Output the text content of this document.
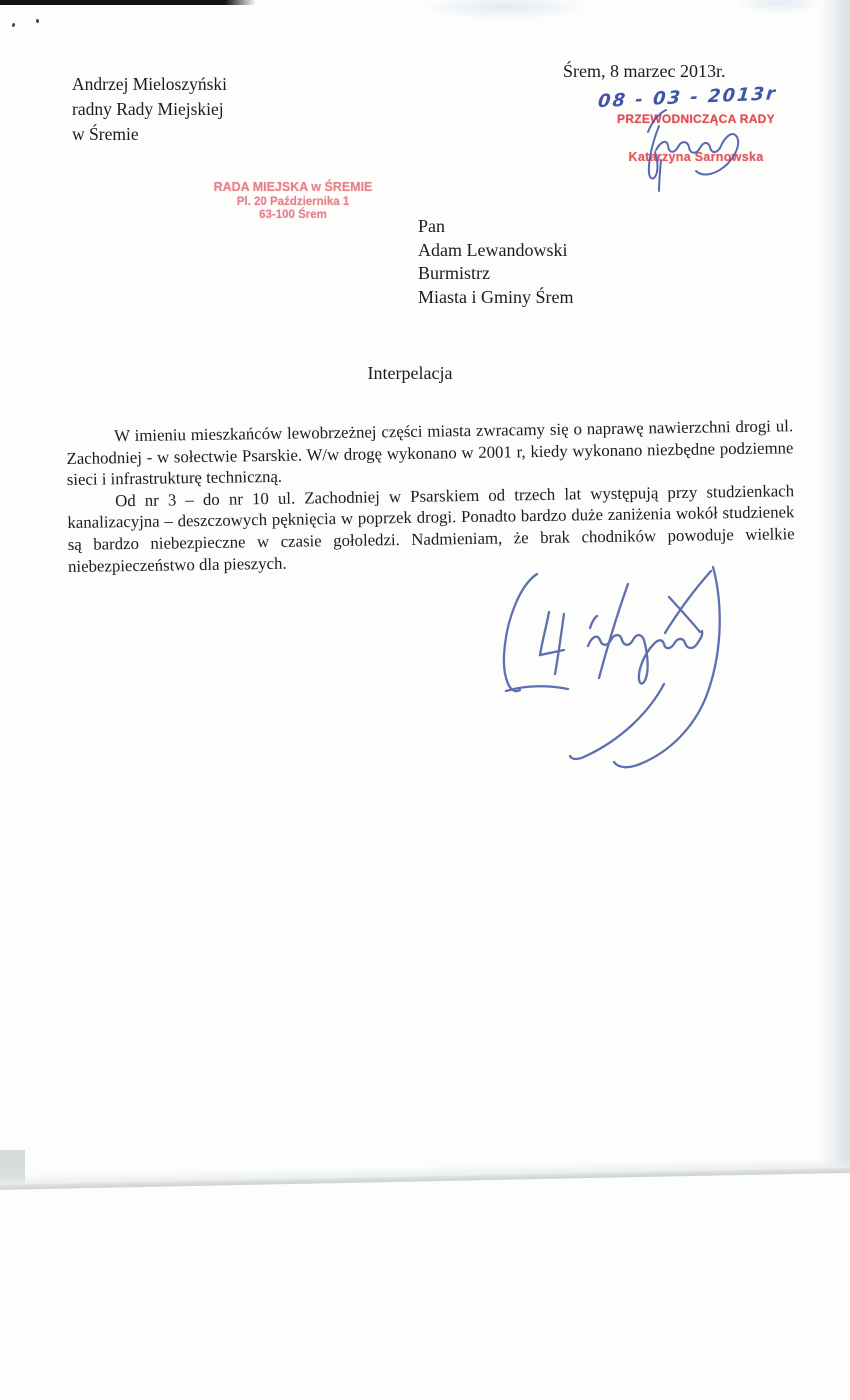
Andrzej Mieloszyński
radny Rady Miejskiej
w Śremie
Śrem, 8 marzec 2013r.
08 - 03 - 2013r
PRZEWODNICZĄCA RADY
Katarzyna Sarnowska
RADA MIEJSKA w ŚREMIE
Pl. 20 Października 1
63-100 Śrem
Pan
Adam Lewandowski
Burmistrz
Miasta i Gminy Śrem
Interpelacja

W imieniu mieszkańców lewobrzeżnej części miasta zwracamy się o naprawę nawierzchni drogi ul. Zachodniej - w sołectwie Psarskie. W/w drogę wykonano w 2001 r, kiedy wykonano niezbędne podziemne sieci i infrastrukturę techniczną.

Od nr 3 – do nr 10 ul. Zachodniej w Psarskiem od trzech lat występują przy studzienkach kanalizacyjna – deszczowych pęknięcia w poprzek drogi. Ponadto bardzo duże zaniżenia wokół studzienek są bardzo niebezpieczne w czasie gołoledzi. Nadmieniam, że brak chodników powoduje wielkie niebezpieczeństwo dla pieszych.
